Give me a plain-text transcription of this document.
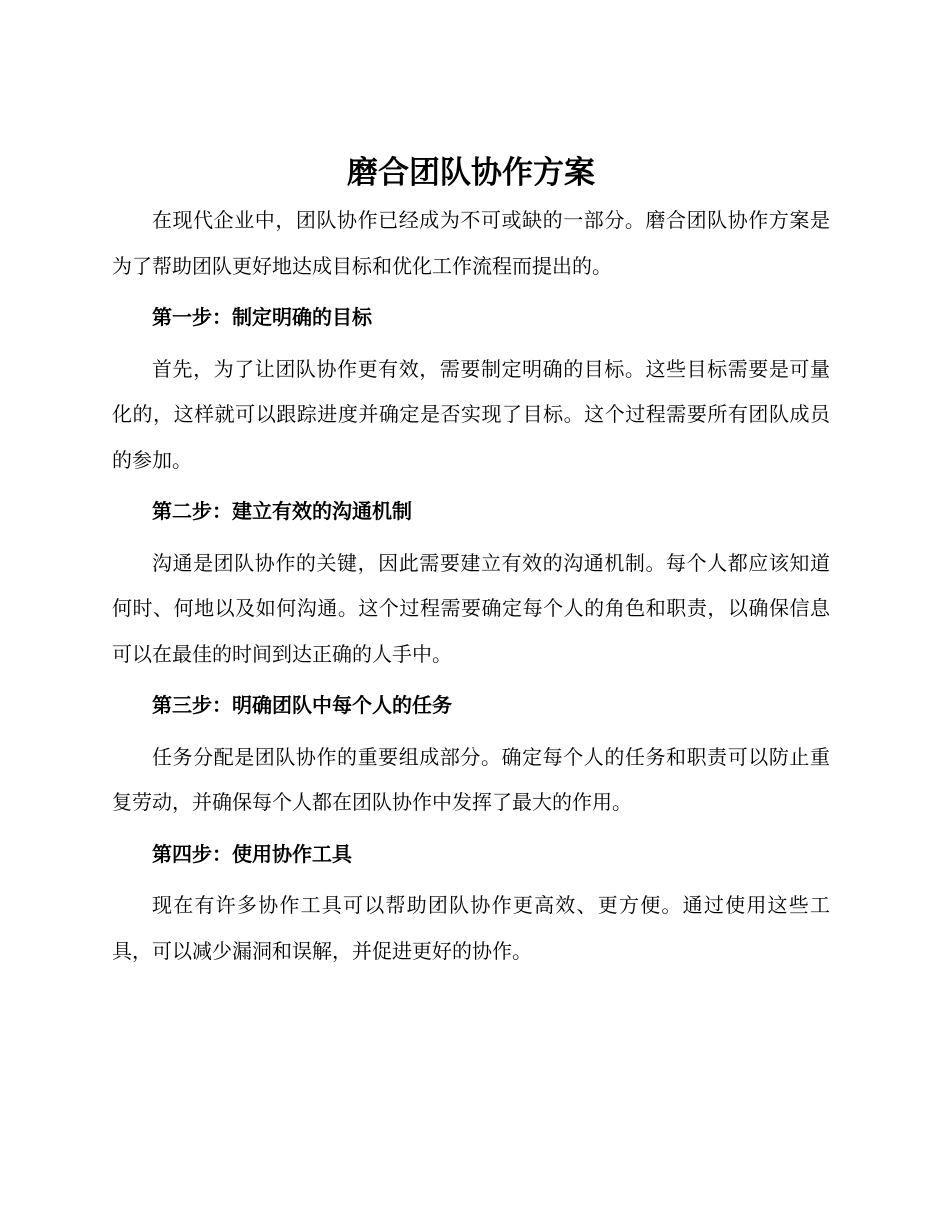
磨合团队协作方案

在现代企业中，团队协作已经成为不可或缺的一部分。磨合团队协作方案是为了帮助团队更好地达成目标和优化工作流程而提出的。

第一步：制定明确的目标

首先，为了让团队协作更有效，需要制定明确的目标。这些目标需要是可量化的，这样就可以跟踪进度并确定是否实现了目标。这个过程需要所有团队成员的参加。

第二步：建立有效的沟通机制

沟通是团队协作的关键，因此需要建立有效的沟通机制。每个人都应该知道何时、何地以及如何沟通。这个过程需要确定每个人的角色和职责，以确保信息可以在最佳的时间到达正确的人手中。

第三步：明确团队中每个人的任务

任务分配是团队协作的重要组成部分。确定每个人的任务和职责可以防止重复劳动，并确保每个人都在团队协作中发挥了最大的作用。

第四步：使用协作工具

现在有许多协作工具可以帮助团队协作更高效、更方便。通过使用这些工具，可以减少漏洞和误解，并促进更好的协作。
